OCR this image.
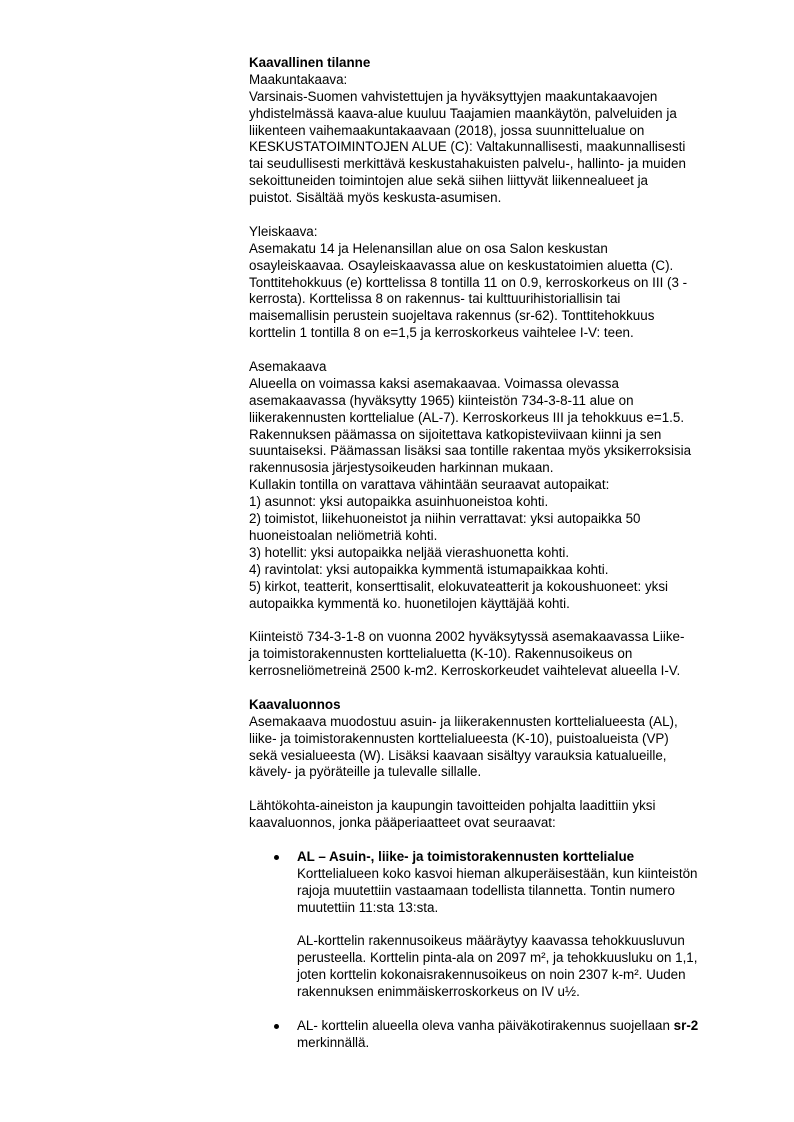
Kaavallinen tilanne
Maakuntakaava:
Varsinais-Suomen vahvistettujen ja hyväksyttyjen maakuntakaavojen
yhdistelmässä kaava-alue kuuluu Taajamien maankäytön, palveluiden ja
liikenteen vaihemaakuntakaavaan (2018), jossa suunnittelualue on
KESKUSTATOIMINTOJEN ALUE (C): Valtakunnallisesti, maakunnallisesti
tai seudullisesti merkittävä keskustahakuisten palvelu-, hallinto- ja muiden
sekoittuneiden toimintojen alue sekä siihen liittyvät liikennealueet ja
puistot. Sisältää myös keskusta-asumisen.
Yleiskaava:
Asemakatu 14 ja Helenansillan alue on osa Salon keskustan
osayleiskaavaa. Osayleiskaavassa alue on keskustatoimien aluetta (C).
Tonttitehokkuus (e) korttelissa 8 tontilla 11 on 0.9, kerroskorkeus on III (3 -
kerrosta). Korttelissa 8 on rakennus- tai kulttuurihistoriallisin tai
maisemallisin perustein suojeltava rakennus (sr-62). Tonttitehokkuus
korttelin 1 tontilla 8 on e=1,5 ja kerroskorkeus vaihtelee I-V: teen.
Asemakaava
Alueella on voimassa kaksi asemakaavaa. Voimassa olevassa
asemakaavassa (hyväksytty 1965) kiinteistön 734-3-8-11 alue on
liikerakennusten korttelialue (AL-7). Kerroskorkeus III ja tehokkuus e=1.5.
Rakennuksen päämassa on sijoitettava katkopisteviivaan kiinni ja sen
suuntaiseksi. Päämassan lisäksi saa tontille rakentaa myös yksikerroksisia
rakennusosia järjestysoikeuden harkinnan mukaan.
Kullakin tontilla on varattava vähintään seuraavat autopaikat:
1) asunnot: yksi autopaikka asuinhuoneistoa kohti.
2) toimistot, liikehuoneistot ja niihin verrattavat: yksi autopaikka 50
huoneistoalan neliömetriä kohti.
3) hotellit: yksi autopaikka neljää vierashuonetta kohti.
4) ravintolat: yksi autopaikka kymmentä istumapaikkaa kohti.
5) kirkot, teatterit, konserttisalit, elokuvateatterit ja kokoushuoneet: yksi
autopaikka kymmentä ko. huonetilojen käyttäjää kohti.
Kiinteistö 734-3-1-8 on vuonna 2002 hyväksytyssä asemakaavassa Liike-
ja toimistorakennusten korttelialuetta (K-10). Rakennusoikeus on
kerrosneliömetreinä 2500 k-m2. Kerroskorkeudet vaihtelevat alueella I-V.
Kaavaluonnos
Asemakaava muodostuu asuin- ja liikerakennusten korttelialueesta (AL),
liike- ja toimistorakennusten korttelialueesta (K-10), puistoalueista (VP)
sekä vesialueesta (W). Lisäksi kaavaan sisältyy varauksia katualueille,
kävely- ja pyöräteille ja tulevalle sillalle.
Lähtökohta-aineiston ja kaupungin tavoitteiden pohjalta laadittiin yksi
kaavaluonnos, jonka pääperiaatteet ovat seuraavat:
AL – Asuin-, liike- ja toimistorakennusten korttelialue
Korttelialueen koko kasvoi hieman alkuperäisestään, kun kiinteistön
rajoja muutettiin vastaamaan todellista tilannetta. Tontin numero
muutettiin 11:sta 13:sta.
AL-korttelin rakennusoikeus määräytyy kaavassa tehokkuusluvun
perusteella. Korttelin pinta-ala on 2097 m², ja tehokkuusluku on 1,1,
joten korttelin kokonaisrakennusoikeus on noin 2307 k-m². Uuden
rakennuksen enimmäiskerroskorkeus on IV u½.
AL- korttelin alueella oleva vanha päiväkotirakennus suojellaan sr-2
merkinnällä.
